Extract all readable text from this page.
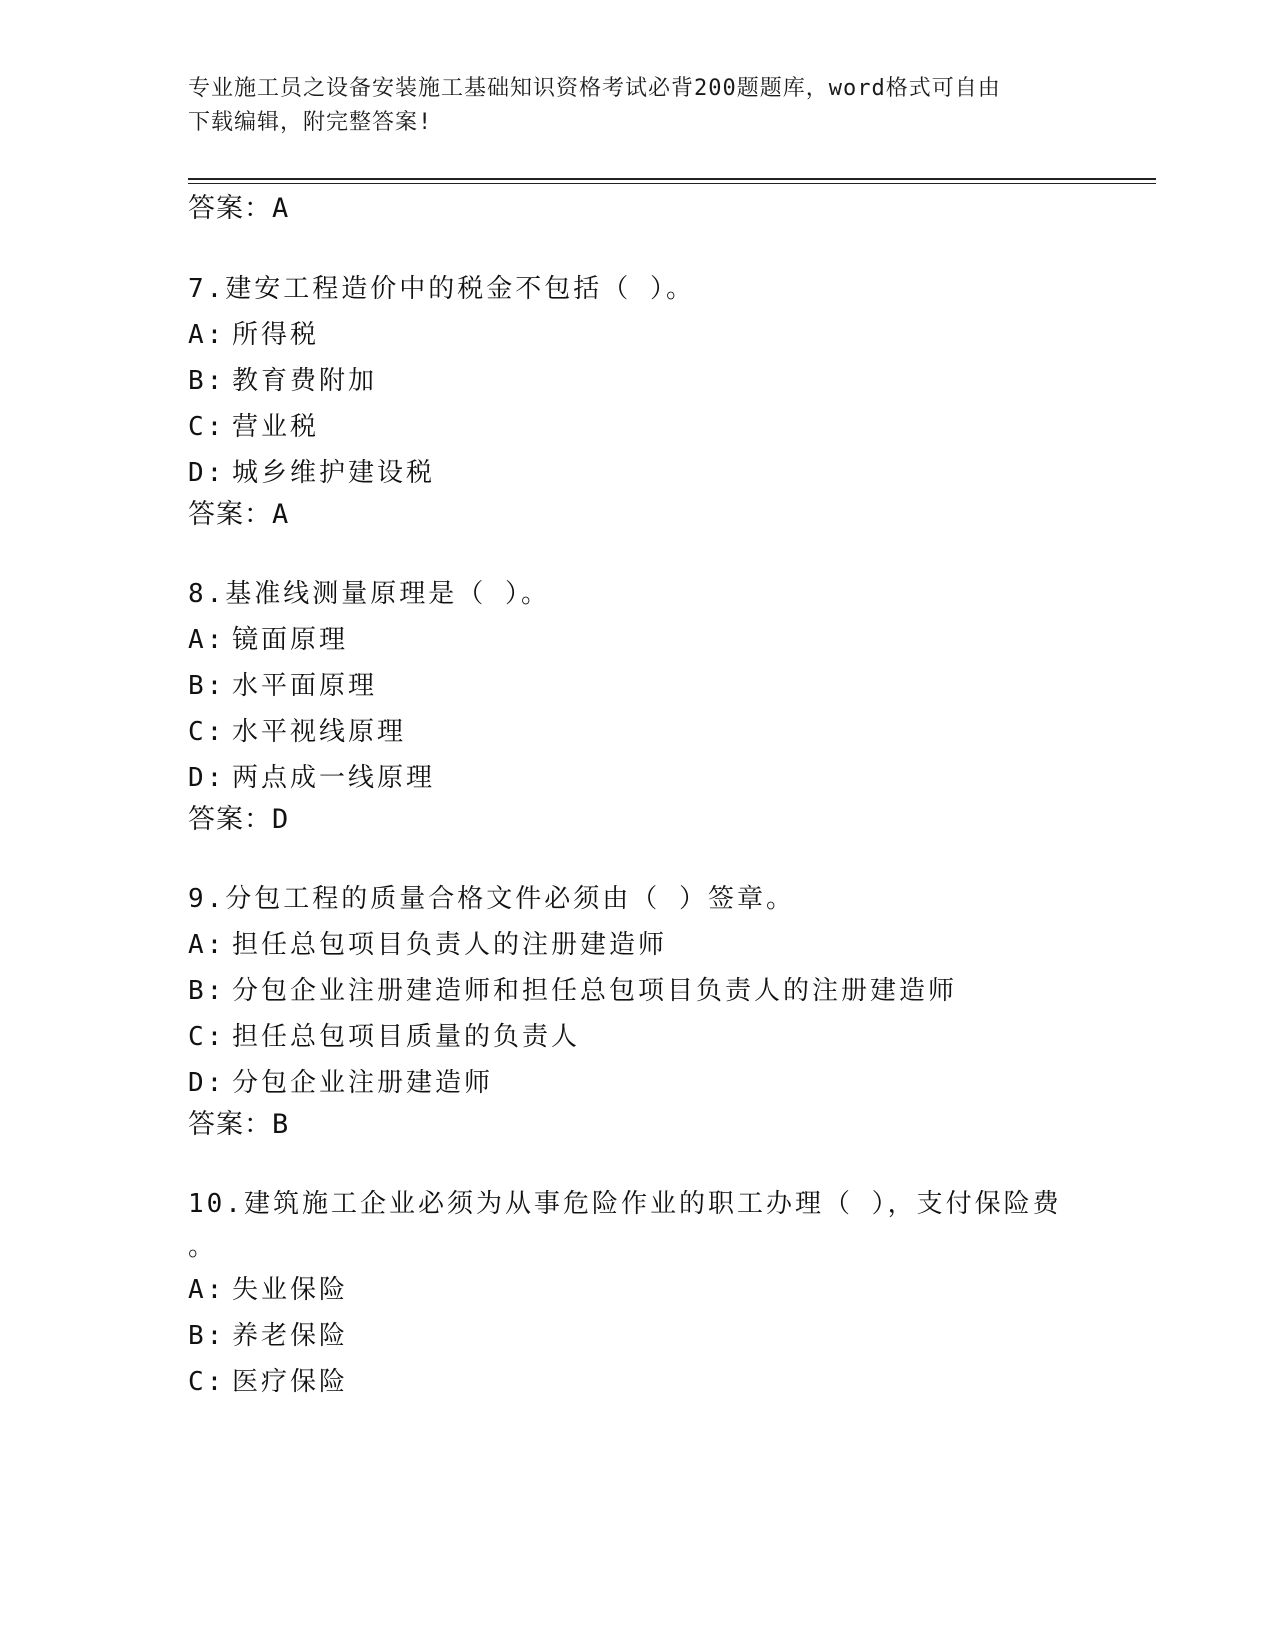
专业施工员之设备安装施工基础知识资格考试必背200题题库，word格式可自由
下载编辑，附完整答案!
答案：A
7.建安工程造价中的税金不包括（ ）。
A: 所得税
B: 教育费附加
C: 营业税
D: 城乡维护建设税
答案：A
8.基准线测量原理是（ ）。
A: 镜面原理
B: 水平面原理
C: 水平视线原理
D: 两点成一线原理
答案：D
9.分包工程的质量合格文件必须由（ ）签章。
A: 担任总包项目负责人的注册建造师
B: 分包企业注册建造师和担任总包项目负责人的注册建造师
C: 担任总包项目质量的负责人
D: 分包企业注册建造师
答案：B
10.建筑施工企业必须为从事危险作业的职工办理（ ），支付保险费
。
A: 失业保险
B: 养老保险
C: 医疗保险
